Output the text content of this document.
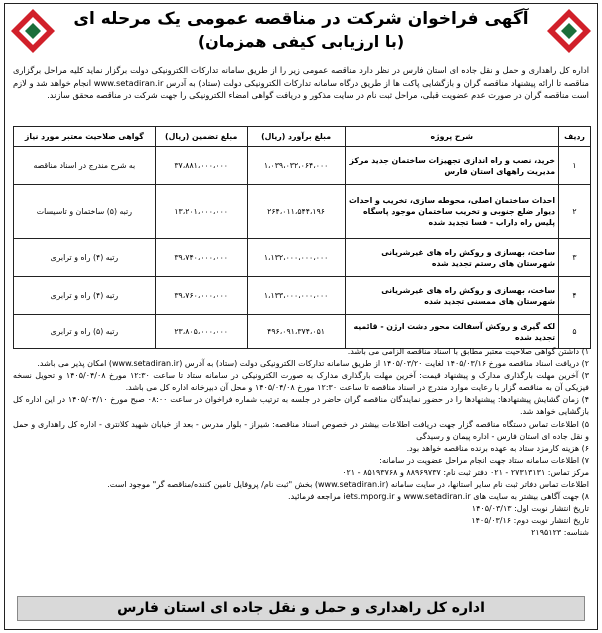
آگهی فراخوان شرکت در مناقصه عمومی یک مرحله ای
(با ارزیابی کیفی همزمان)
اداره کل راهداری و حمل و نقل جاده ای استان فارس در نظر دارد مناقصه عمومی زیر را از طریق سامانه تدارکات الکترونیکی دولت برگزار نماید کلیه مراحل برگزاری مناقصه تا ارائه پیشنهاد مناقصه گران و بازگشایی پاکت ها از طریق درگاه سامانه تدارکات الکترونیکی دولت (ستاد) به آدرس www.setadiran.ir انجام خواهد شد و لازم است مناقصه گران در صورت عدم عضویت قبلی، مراحل ثبت نام در سایت مذکور و دریافت گواهی امضاء الکترونیکی را جهت شرکت در مناقصه محقق سازند.
ردیف	شرح پروژه	مبلغ برآورد (ریال)	مبلغ تضمین (ریال)	گواهی صلاحیت معتبر مورد نیاز
۱	خرید، نصب و راه اندازی تجهیزات ساختمان جدید مرکز مدیریت راههای استان فارس	۱،۰۳۹،۰۳۲،۰۶۴،۰۰۰	۳۷،۸۸۱،۰۰۰،۰۰۰	به شرح مندرج در اسناد مناقصه
۲	احداث ساختمان اصلی، محوطه سازی، تخریب و احداث دیوار ضلع جنوبی و تخریب ساختمان موجود پاسگاه پلیس راه داراب - فسا تجدید شده	۲۶۴،۰۱۱،۵۴۴،۱۹۶	۱۳،۲۰۱،۰۰۰،۰۰۰	رتبه (۵) ساختمان و تاسیسات
۳	ساخت، بهسازی و روکش راه های غیرشریانی شهرستان های رستم تجدید شده	۱،۱۳۲،۰۰۰،۰۰۰،۰۰۰	۳۹،۷۴۰،۰۰۰،۰۰۰	رتبه (۴) راه و ترابری
۴	ساخت، بهسازی و روکش راه های غیرشریانی شهرستان های ممسنی تجدید شده	۱،۱۳۳،۰۰۰،۰۰۰،۰۰۰	۳۹،۷۶۰،۰۰۰،۰۰۰	رتبه (۴) راه و ترابری
۵	لکه گیری و روکش آسفالت محور دشت ارژن - قائمیه تجدید شده	۴۹۶،۰۹۱،۳۷۴،۰۵۱	۲۳،۸۰۵،۰۰۰،۰۰۰	رتبه (۵) راه و ترابری

۱) داشتن گواهی صلاحیت معتبر مطابق با اسناد مناقصه الزامی می باشد.

۲) دریافت اسناد مناقصه مورخ ۱۴۰۵/۰۳/۱۶ لغایت ۱۴۰۵/۰۳/۲۰ از طریق سامانه تدارکات الکترونیکی دولت (ستاد) به آدرس (www.setadiran.ir) امکان پذیر می باشد.

۳) آخرین مهلت بارگذاری مدارک و پیشنهاد قیمت: آخرین مهلت بارگذاری مدارک به صورت الکترونیکی در سامانه ستاد تا ساعت ۱۲:۳۰ مورخ ۱۴۰۵/۰۴/۰۸ و تحویل نسخه فیزیکی آن به مناقصه گزار با رعایت موارد مندرج در اسناد مناقصه تا ساعت ۱۲:۳۰ مورخ ۱۴۰۵/۰۴/۰۸ و محل آن دبیرخانه اداره کل می باشد.

۴) زمان گشایش پیشنهادها: پیشنهادها را در حضور نمایندگان مناقصه گران حاضر در جلسه به ترتیب شماره فراخوان در ساعت ۰۸:۰۰ صبح مورخ ۱۴۰۵/۰۴/۱۰ در این اداره کل بازگشایی خواهد شد.

۵) اطلاعات تماس دستگاه مناقصه گزار جهت دریافت اطلاعات بیشتر در خصوص اسناد مناقصه: شیراز - بلوار مدرس - بعد از خیابان شهید کلانتری - اداره کل راهداری و حمل و نقل جاده ای استان فارس - اداره پیمان و رسیدگی

۶) هزینه کارمزد ستاد به عهده برنده مناقصه خواهد بود.

۷) اطلاعات سامانه ستاد جهت انجام مراحل عضویت در سامانه:

مرکز تماس: ۲۷۳۱۳۱۳۱ - ۰۲۱ دفتر ثبت نام: ۸۸۹۶۹۷۳۷ و ۸۵۱۹۳۷۶۸ - ۰۲۱

اطلاعات تماس دفاتر ثبت نام سایر استانها، در سایت سامانه (www.setadiran.ir) بخش "ثبت نام/ پروفایل تامین کننده/مناقصه گر" موجود است.

۸) جهت آگاهی بیشتر به سایت های www.setadiran.ir و iets.mporg.ir مراجعه فرمائید.

تاریخ انتشار نوبت اول: ۱۴۰۵/۰۳/۱۳

تاریخ انتشار نوبت دوم: ۱۴۰۵/۰۳/۱۶

شناسه: ۲۱۹۵۱۲۳

اداره کل راهداری و حمل و نقل جاده ای استان فارس
